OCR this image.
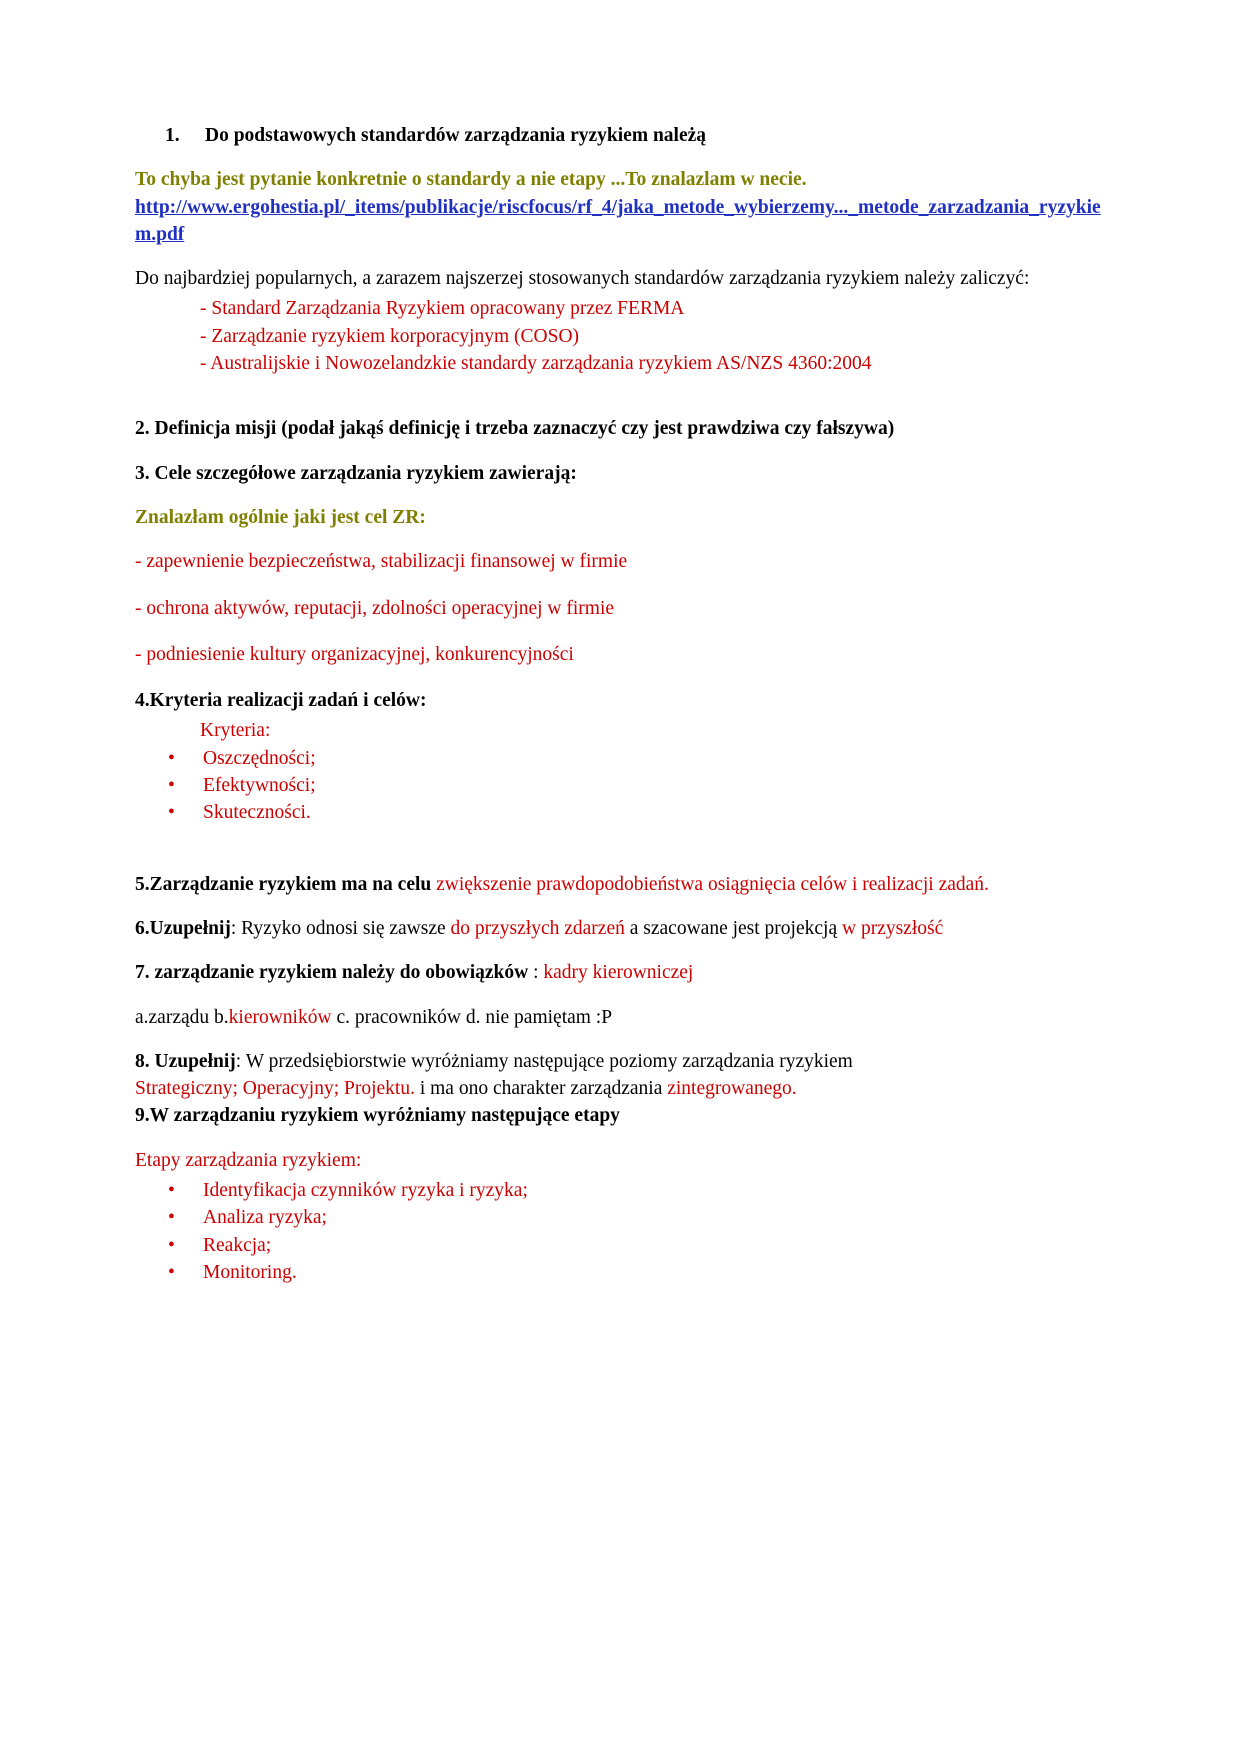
1.	Do podstawowych standardów zarządzania ryzykiem należą
To chyba jest pytanie konkretnie o standardy a nie etapy ...To znalazlam w necie.
http://www.ergohestia.pl/_items/publikacje/riscfocus/rf_4/jaka_metode_wybierzemy..._metode_zarzadzania_ryzykiem.pdf
Do najbardziej popularnych, a zarazem najszerzej stosowanych standardów zarządzania ryzykiem należy zaliczyć:
- Standard Zarządzania Ryzykiem opracowany przez FERMA
- Zarządzanie ryzykiem korporacyjnym (COSO)
- Australijskie i Nowozelandzkie standardy zarządzania ryzykiem AS/NZS 4360:2004
2. Definicja misji (podał jakąś definicję i trzeba zaznaczyć czy jest prawdziwa czy fałszywa)
3. Cele szczegółowe zarządzania ryzykiem zawierają:
Znalazłam ogólnie jaki jest cel ZR:
- zapewnienie bezpieczeństwa, stabilizacji finansowej w firmie
- ochrona aktywów, reputacji, zdolności operacyjnej w firmie
- podniesienie kultury organizacyjnej, konkurencyjności
4.Kryteria realizacji zadań i celów:
Kryteria:
•
Oszczędności;
•
Efektywności;
•
Skuteczności.
5.Zarządzanie ryzykiem ma na celu zwiększenie prawdopodobieństwa osiągnięcia celów i realizacji zadań.
6.Uzupełnij: Ryzyko odnosi się zawsze do przyszłych zdarzeń a szacowane jest projekcją w przyszłość
7. zarządzanie ryzykiem należy do obowiązków : kadry kierowniczej
a.zarządu b.kierowników c. pracowników d. nie pamiętam :P
8. Uzupełnij: W przedsiębiorstwie wyróżniamy następujące poziomy zarządzania ryzykiem
Strategiczny; Operacyjny; Projektu. i ma ono charakter zarządzania zintegrowanego.
9.W zarządzaniu ryzykiem wyróżniamy następujące etapy
Etapy zarządzania ryzykiem:
•
Identyfikacja czynników ryzyka i ryzyka;
•
Analiza ryzyka;
•
Reakcja;
•
Monitoring.
